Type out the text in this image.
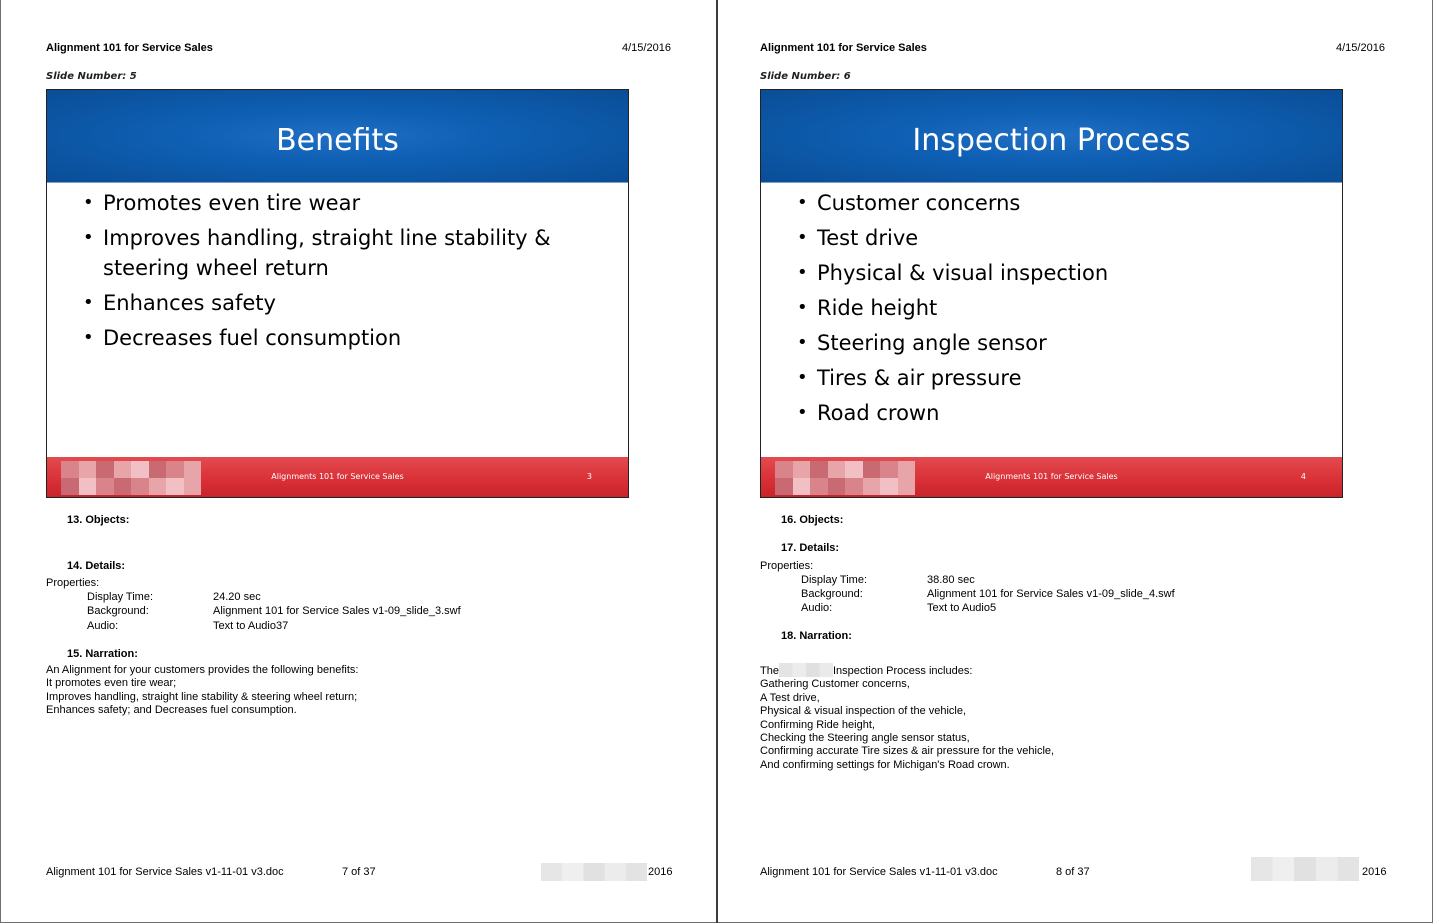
Alignment 101 for Service Sales	4/15/2016
Slide Number: 5
Benefits
• Promotes even tire wear
• Improves handling, straight line stability & steering wheel return
• Enhances safety
• Decreases fuel consumption
Alignments 101 for Service Sales	3
13. Objects:
14. Details:
Properties:
Display Time:	24.20 sec
Background:	Alignment 101 for Service Sales v1-09_slide_3.swf
Audio:	Text to Audio37
15. Narration:
An Alignment for your customers provides the following benefits:
It promotes even tire wear;
Improves handling, straight line stability & steering wheel return;
Enhances safety; and Decreases fuel consumption.
Alignment 101 for Service Sales v1-11-01 v3.doc	7 of 37	2016
Alignment 101 for Service Sales	4/15/2016
Slide Number: 6
Inspection Process
• Customer concerns
• Test drive
• Physical & visual inspection
• Ride height
• Steering angle sensor
• Tires & air pressure
• Road crown
Alignments 101 for Service Sales	4
16. Objects:
17. Details:
Properties:
Display Time:	38.80 sec
Background:	Alignment 101 for Service Sales v1-09_slide_4.swf
Audio:	Text to Audio5
18. Narration:
The	Inspection Process includes:
Gathering Customer concerns,
A Test drive,
Physical & visual inspection of the vehicle,
Confirming Ride height,
Checking the Steering angle sensor status,
Confirming accurate Tire sizes & air pressure for the vehicle,
And confirming settings for Michigan's Road crown.
Alignment 101 for Service Sales v1-11-01 v3.doc	8 of 37	2016
